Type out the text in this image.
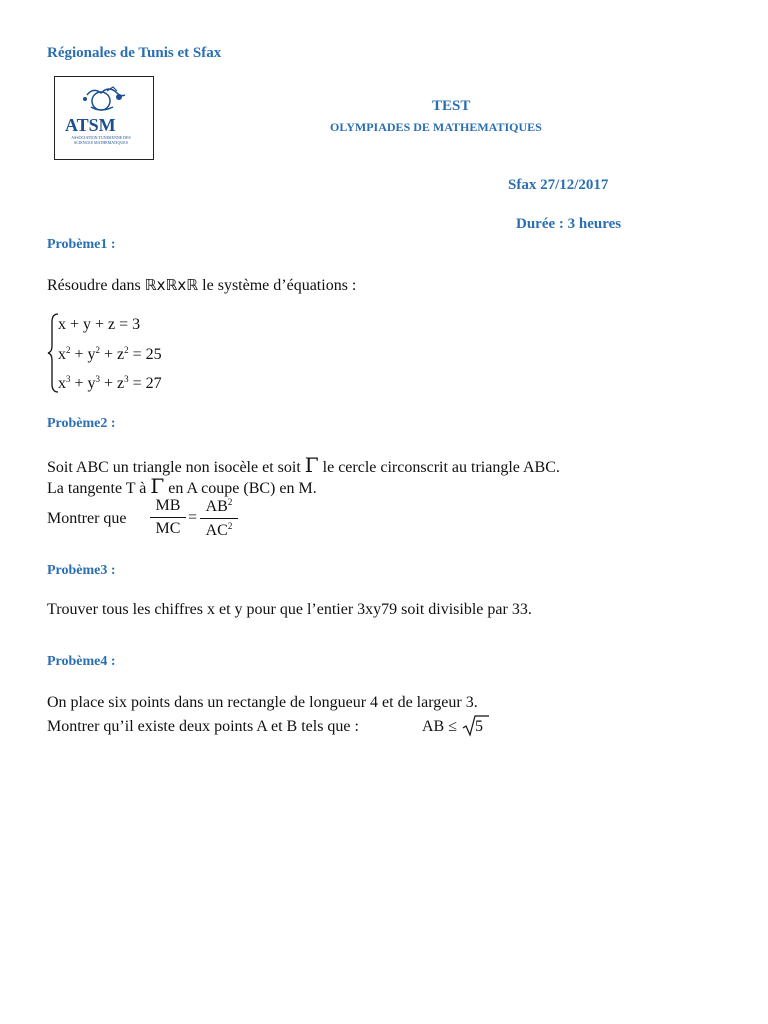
Régionales de Tunis et Sfax
ATSM
ASSOCIATION TUNISIENNE DES SCIENCES MATHEMATIQUES
TEST
OLYMPIADES DE MATHEMATIQUES
Sfax 27/12/2017
Durée : 3 heures
Probème1 :
Résoudre dans ℝxℝxℝ le système d’équations :
x + y + z = 3
$x^2 + y^2 + z^2 = 25$
$x^3 + y^3 + z^3 = 27$
Probème2 :
Soit ABC un triangle non isocèle et soit Γ le cercle circonscrit au triangle ABC.
La tangente T à Γ en A coupe (BC) en M.
Montrer que
MB
MC
=
$AB^2$
$AC^2$
Probème3 :
Trouver tous les chiffres x et y pour que l’entier 3xy79 soit divisible par 33.
Probème4 :
On place six points dans un rectangle de longueur 4 et de largeur 3.
Montrer qu’il existe deux points A et B tels que :	AB ≤ 5
